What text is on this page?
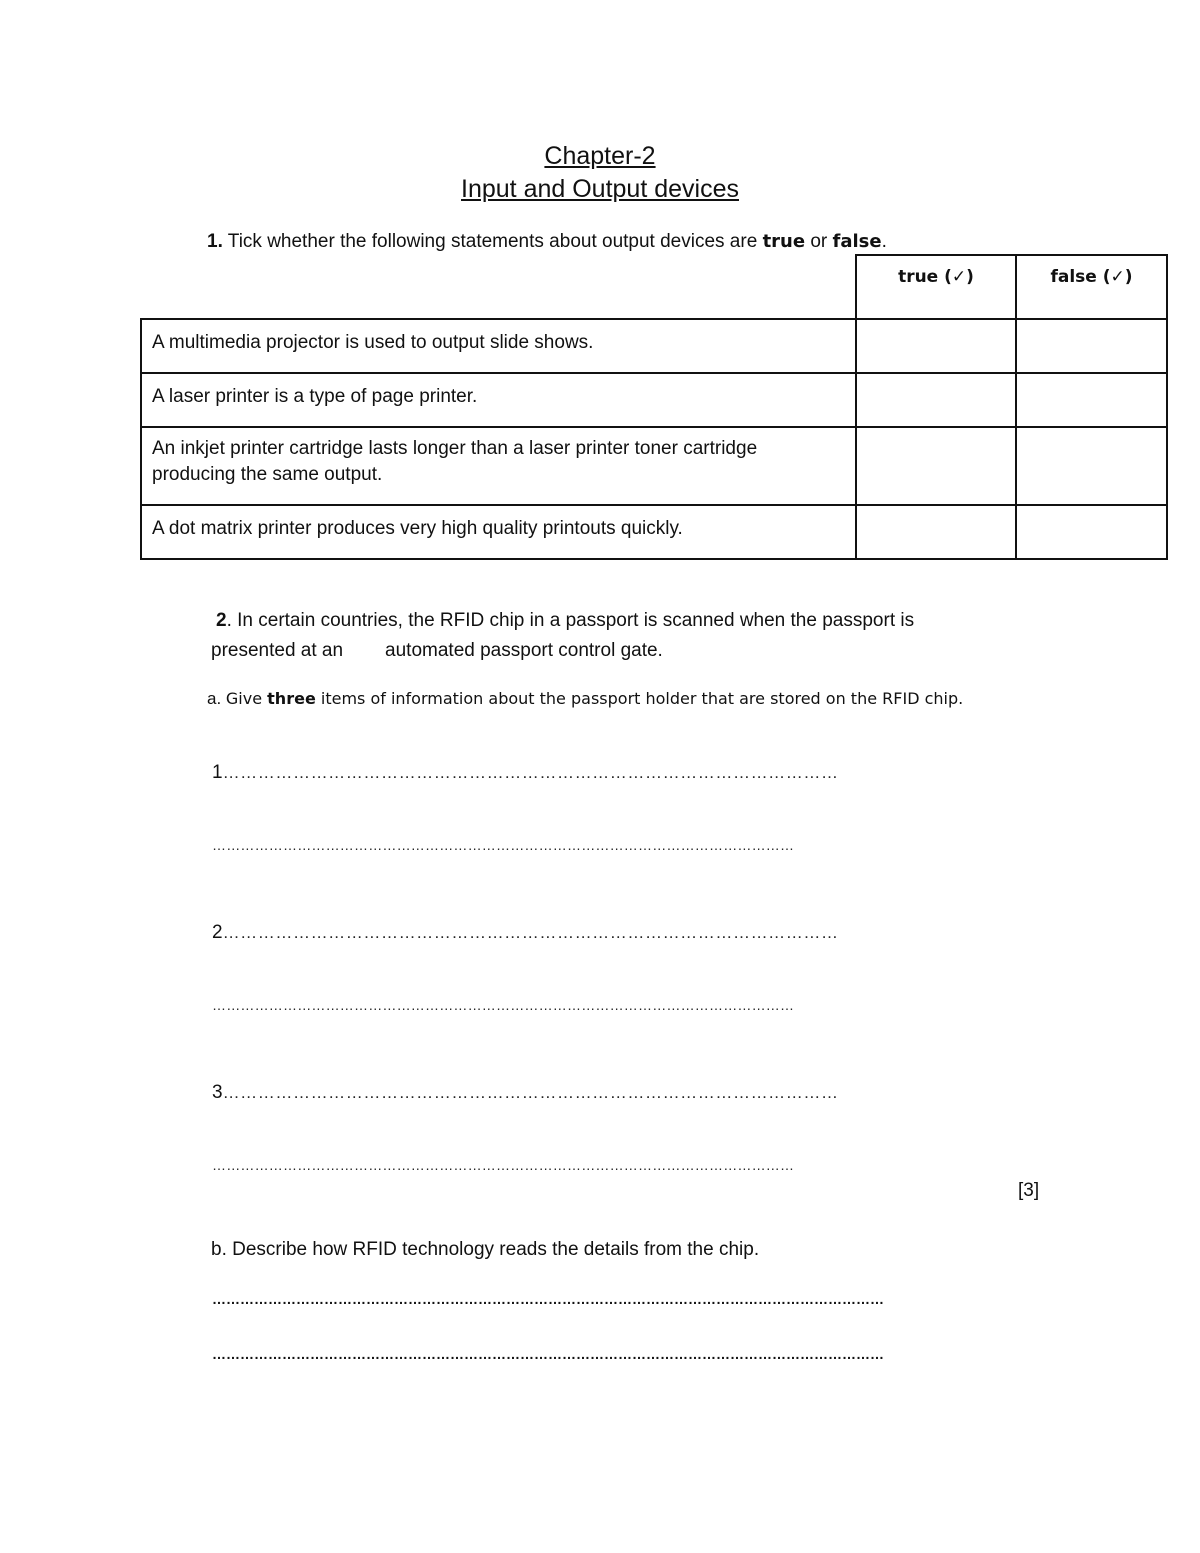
Chapter-2
Input and Output devices
1. Tick whether the following statements about output devices are true or false.
	true (✓)	false (✓)
A multimedia projector is used to output slide shows.		
A laser printer is a type of page printer.		
An inkjet printer cartridge lasts longer than a laser printer toner cartridge producing the same output.		
A dot matrix printer produces very high quality printouts quickly.		
2. In certain countries, the RFID chip in a passport is scanned when the passport is
presented at an automated passport control gate.
a. Give three items of information about the passport holder that are stored on the RFID chip.
1……………………………………………………………………………………………
……………………………………………………………………………………………………………
2……………………………………………………………………………………………
……………………………………………………………………………………………………………
3……………………………………………………………………………………………
……………………………………………………………………………………………………………
[3]
b. Describe how RFID technology reads the details from the chip.
………………………………………………………………………………………………………………………………
………………………………………………………………………………………………………………………………
